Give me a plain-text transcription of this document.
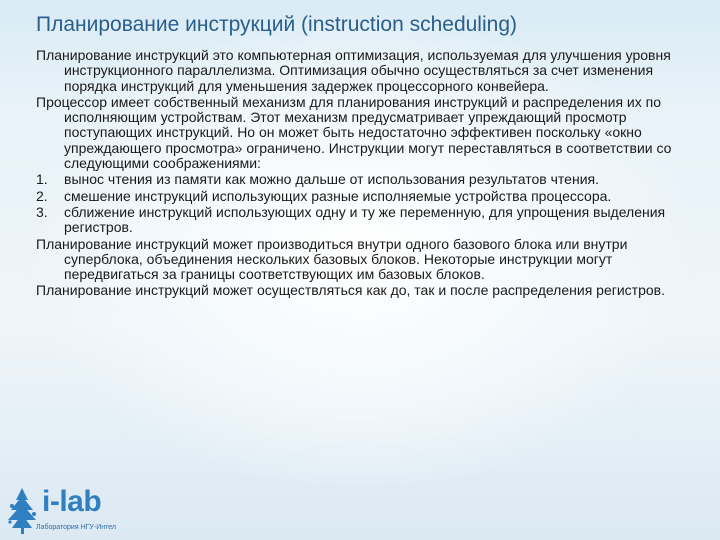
Планирование инструкций (instruction scheduling)

Планирование инструкций это компьютерная оптимизация, используемая для улучшения уровня инструкционного параллелизма. Оптимизация обычно осуществляться за счет изменения порядка инструкций для уменьшения задержек процессорного конвейера.

Процессор имеет собственный механизм для планирования инструкций и распределения их по исполняющим устройствам. Этот механизм предусматривает упреждающий просмотр поступающих инструкций. Но он может быть недостаточно эффективен поскольку «окно упреждающего просмотра» ограничено. Инструкции могут переставляться в соответствии со следующими соображениями:

1. вынос чтения из памяти как можно дальше от использования результатов чтения.
2. смешение инструкций использующих разные исполняемые устройства процессора.
3. сближение инструкций использующих одну и ту же переменную, для упрощения выделения регистров.

Планирование инструкций может производиться внутри одного базового блока или внутри суперблока, объединения нескольких базовых блоков. Некоторые инструкции могут передвигаться за границы соответствующих им базовых блоков.

Планирование инструкций может осуществляться как до, так и после распределения регистров.

i-lab
Лаборатория НГУ-Интел
